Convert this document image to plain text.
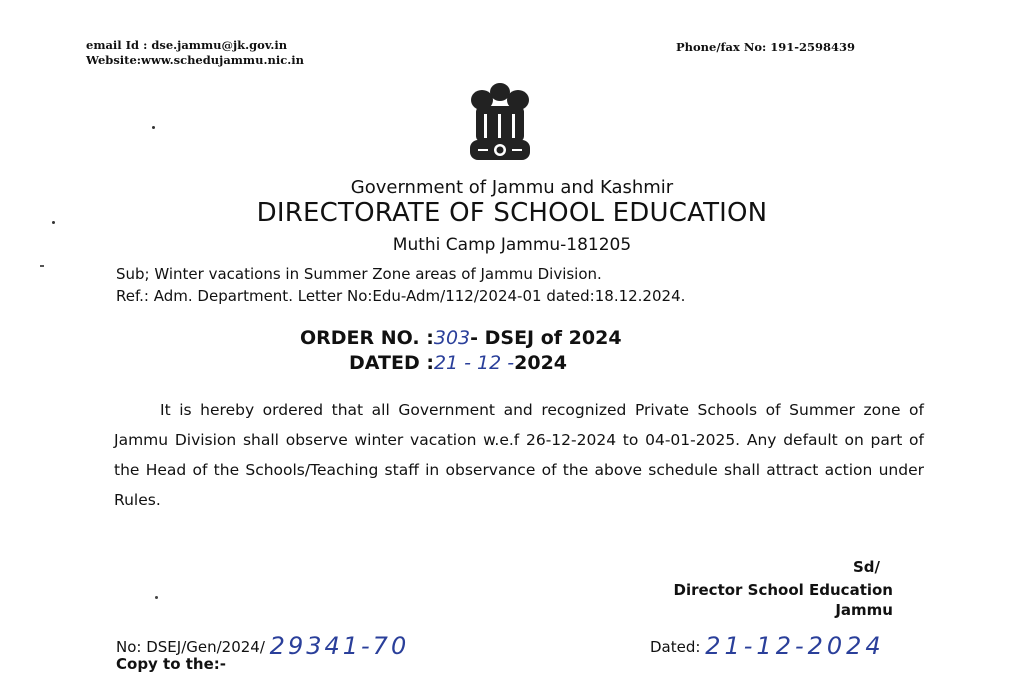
email Id : dse.jammu@jk.gov.in
Website:www.schedujammu.nic.in
Phone/fax No: 191-2598439
Government of Jammu and Kashmir
DIRECTORATE OF SCHOOL EDUCATION
Muthi Camp Jammu-181205
Sub; Winter vacations in Summer Zone areas of Jammu Division.
Ref.: Adm. Department. Letter No:Edu-Adm/112/2024-01 dated:18.12.2024.
ORDER NO. :303- DSEJ of 2024
DATED :21 - 12 -2024
It is hereby ordered that all Government and recognized Private Schools of Summer zone of Jammu Division shall observe winter vacation w.e.f 26-12-2024 to 04-01-2025. Any default on part of the Head of the Schools/Teaching staff in observance of the above schedule shall attract action under Rules.
Sd/
Director School Education
Jammu
No: DSEJ/Gen/2024/ 29341-70	Dated: 21-12-2024
Copy to the:-
